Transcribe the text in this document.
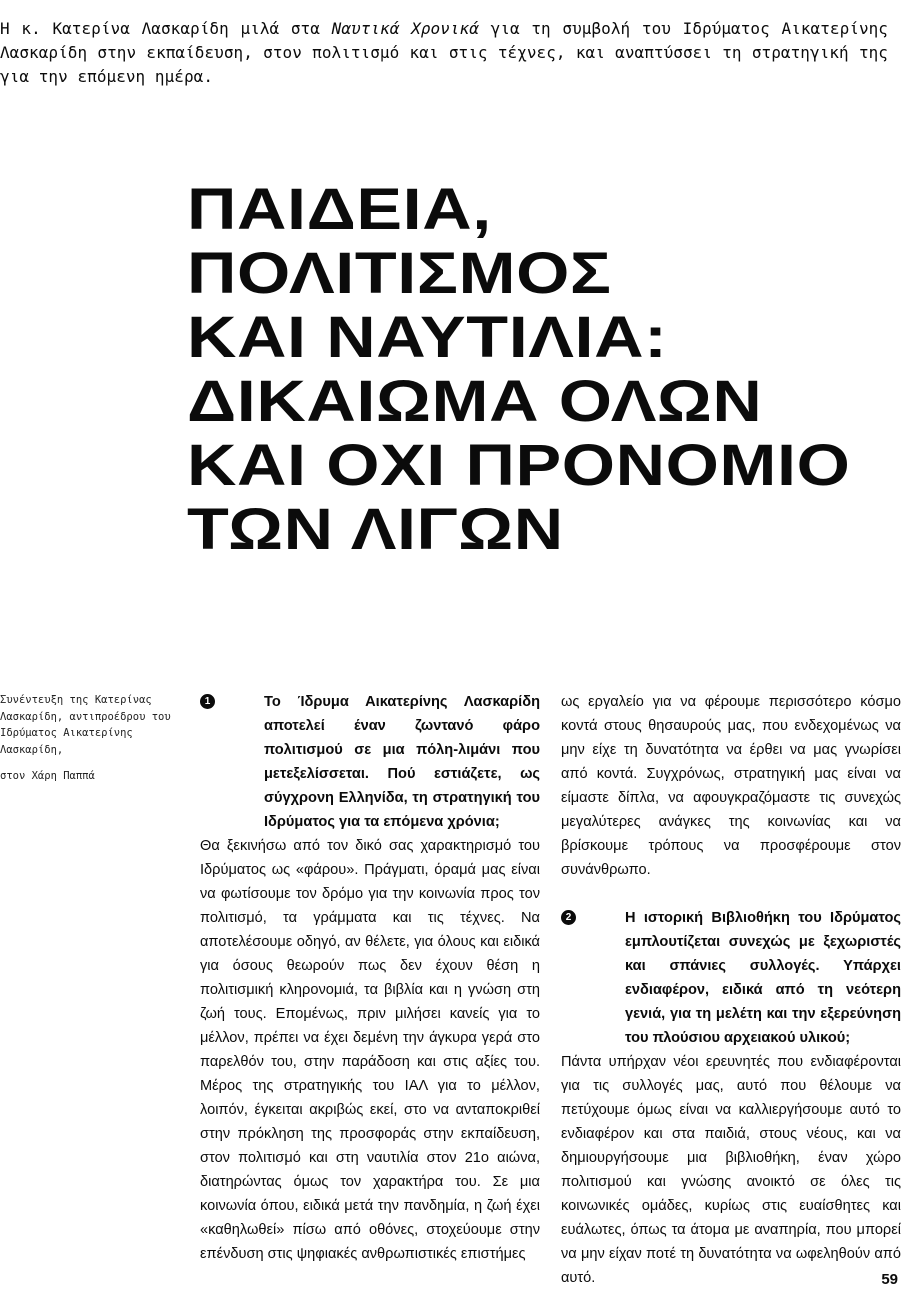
Η κ. Κατερίνα Λασκαρίδη μιλά στα Ναυτικά Χρονικά για τη συμβολή του Ιδρύματος Αικατερίνης Λασκαρίδη στην εκπαίδευση, στον πολιτισμό και στις τέχνες, και αναπτύσσει τη στρατηγική της για την επόμενη ημέρα.

ΠΑΙΔΕΙΑ,
ΠΟΛΙΤΙΣΜΟΣ
ΚΑΙ ΝΑΥΤΙΛΙΑ:
ΔΙΚΑΙΩΜΑ ΟΛΩΝ
ΚΑΙ ΟΧΙ ΠΡΟΝΟΜΙΟ
ΤΩΝ ΛΙΓΩΝ

Συνέντευξη της Κατερίνας Λασκαρίδη, αντιπροέδρου του Ιδρύματος Αικατερίνης Λασκαρίδη,

στον Χάρη Παππά

1	Το Ίδρυμα Αικατερίνης Λασκαρίδη αποτελεί έναν ζωντανό φάρο πολιτισμού σε μια πόλη-λιμάνι που μετεξελίσσεται. Πού εστιάζετε, ως σύγχρονη Ελληνίδα, τη στρατηγική του Ιδρύματος για τα επόμενα χρόνια;

Θα ξεκινήσω από τον δικό σας χαρακτηρισμό του Ιδρύματος ως «φάρου». Πράγματι, όραμά μας είναι να φωτίσουμε τον δρόμο για την κοινωνία προς τον πολιτισμό, τα γράμματα και τις τέχνες. Να αποτελέσουμε οδηγό, αν θέλετε, για όλους και ειδικά για όσους θεωρούν πως δεν έχουν θέση η πολιτισμική κληρονομιά, τα βιβλία και η γνώση στη ζωή τους. Επομένως, πριν μιλήσει κανείς για το μέλλον, πρέπει να έχει δεμένη την άγκυρα γερά στο παρελθόν του, στην παράδοση και στις αξίες του. Μέρος της στρατηγικής του ΙΑΛ για το μέλλον, λοιπόν, έγκειται ακριβώς εκεί, στο να ανταποκριθεί στην πρόκληση της προσφοράς στην εκπαίδευση, στον πολιτισμό και στη ναυτιλία στον 21ο αιώνα, διατηρώντας όμως τον χαρακτήρα του. Σε μια κοινωνία όπου, ειδικά μετά την πανδημία, η ζωή έχει «καθηλωθεί» πίσω από οθόνες, στοχεύουμε στην επένδυση στις ψηφιακές ανθρωπιστικές επιστήμες

ως εργαλείο για να φέρουμε περισσότερο κόσμο κοντά στους θησαυρούς μας, που ενδεχομένως να μην είχε τη δυνατότητα να έρθει να μας γνωρίσει από κοντά. Συγχρόνως, στρατηγική μας είναι να είμαστε δίπλα, να αφουγκραζόμαστε τις συνεχώς μεγαλύτερες ανάγκες της κοινωνίας και να βρίσκουμε τρόπους να προσφέρουμε στον συνάνθρωπο.

2	Η ιστορική Βιβλιοθήκη του Ιδρύματος εμπλουτίζεται συνεχώς με ξεχωριστές και σπάνιες συλλογές. Υπάρχει ενδιαφέρον, ειδικά από τη νεότερη γενιά, για τη μελέτη και την εξερεύνηση του πλούσιου αρχειακού υλικού;

Πάντα υπήρχαν νέοι ερευνητές που ενδιαφέρονται για τις συλλογές μας, αυτό που θέλουμε να πετύχουμε όμως είναι να καλλιεργήσουμε αυτό το ενδιαφέρον και στα παιδιά, στους νέους, και να δημιουργήσουμε μια βιβλιοθήκη, έναν χώρο πολιτισμού και γνώσης ανοικτό σε όλες τις κοινωνικές ομάδες, κυρίως στις ευαίσθητες και ευάλωτες, όπως τα άτομα με αναπηρία, που μπορεί να μην είχαν ποτέ τη δυνατότητα να ωφεληθούν από αυτό.	59
